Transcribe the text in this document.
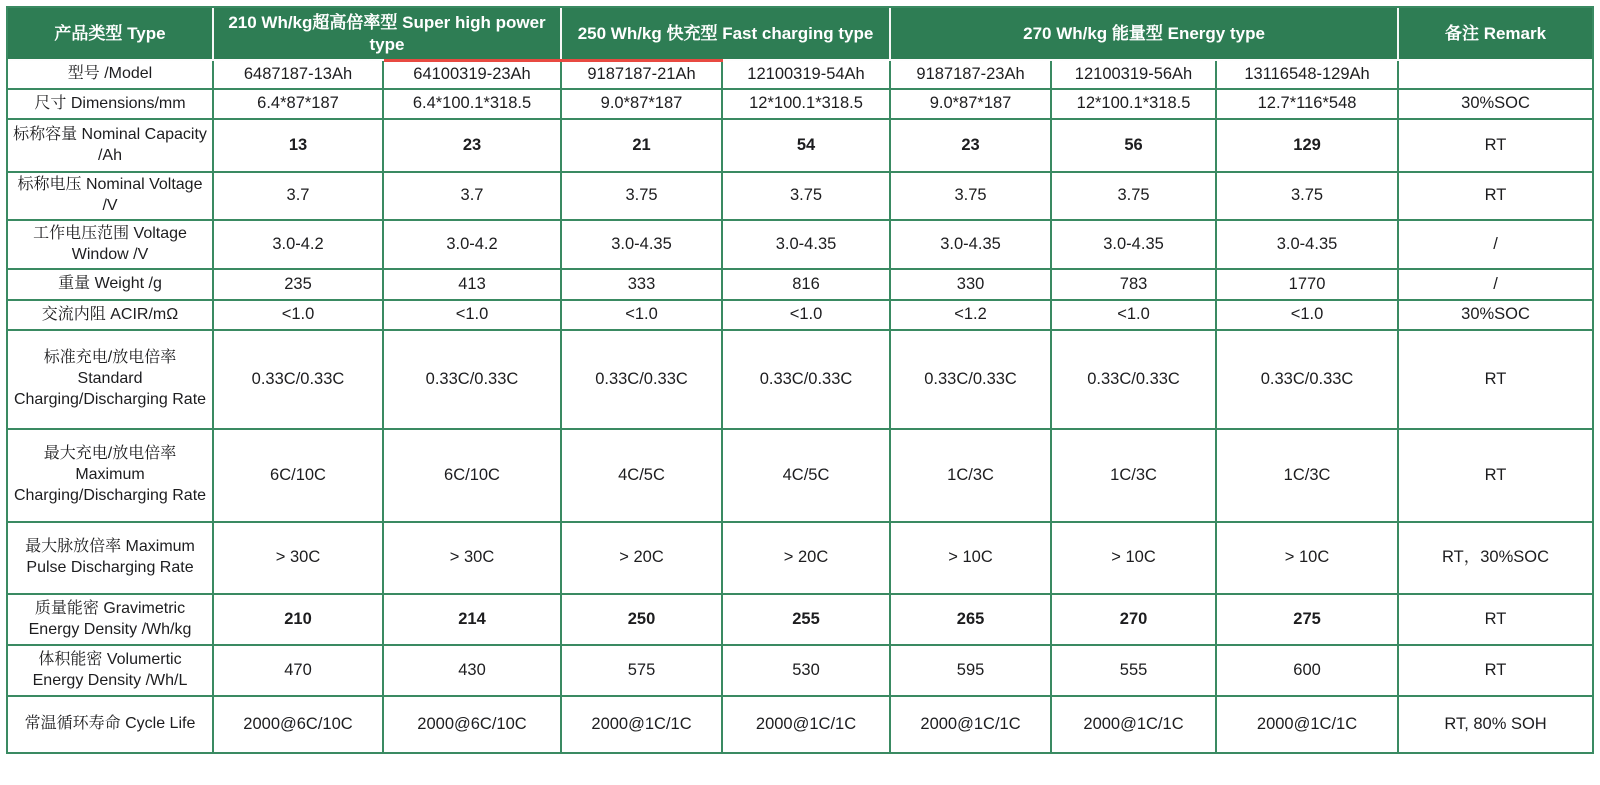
产品类型 Type	210 Wh/kg超高倍率型 Super high power type		250 Wh/kg 快充型 Fast charging type		270 Wh/kg 能量型 Energy type			备注 Remark
型号 /Model	6487187-13Ah	64100319-23Ah	9187187-21Ah	12100319-54Ah	9187187-23Ah	12100319-56Ah	13116548-129Ah	
尺寸 Dimensions/mm	6.4*87*187	6.4*100.1*318.5	9.0*87*187	12*100.1*318.5	9.0*87*187	12*100.1*318.5	12.7*116*548	30%SOC
标称容量 Nominal Capacity /Ah	13	23	21	54	23	56	129	RT
标称电压 Nominal Voltage /V	3.7	3.7	3.75	3.75	3.75	3.75	3.75	RT
工作电压范围 Voltage Window /V	3.0-4.2	3.0-4.2	3.0-4.35	3.0-4.35	3.0-4.35	3.0-4.35	3.0-4.35	/
重量 Weight /g	235	413	333	816	330	783	1770	/
交流内阻 ACIR/mΩ	<1.0	<1.0	<1.0	<1.0	<1.2	<1.0	<1.0	30%SOC
标准充电/放电倍率 Standard Charging/Discharging Rate	0.33C/0.33C	0.33C/0.33C	0.33C/0.33C	0.33C/0.33C	0.33C/0.33C	0.33C/0.33C	0.33C/0.33C	RT
最大充电/放电倍率 Maximum Charging/Discharging Rate	6C/10C	6C/10C	4C/5C	4C/5C	1C/3C	1C/3C	1C/3C	RT
最大脉放倍率 Maximum Pulse Discharging Rate	> 30C	> 30C	> 20C	> 20C	> 10C	> 10C	> 10C	RT，30%SOC
质量能密 Gravimetric Energy Density /Wh/kg	210	214	250	255	265	270	275	RT
体积能密 Volumertic Energy Density /Wh/L	470	430	575	530	595	555	600	RT
常温循环寿命 Cycle Life	2000@6C/10C	2000@6C/10C	2000@1C/1C	2000@1C/1C	2000@1C/1C	2000@1C/1C	2000@1C/1C	RT, 80% SOH
